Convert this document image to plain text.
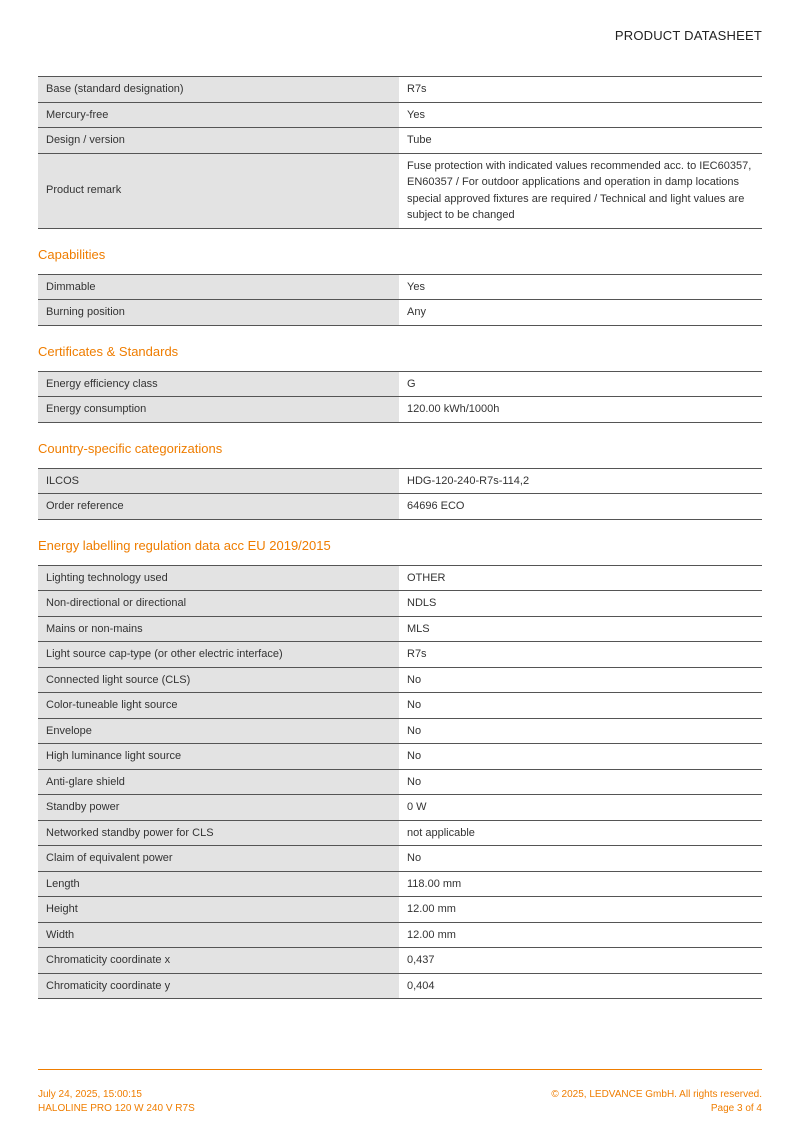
PRODUCT DATASHEET
Base (standard designation)	R7s
Mercury-free	Yes
Design / version	Tube
Product remark	Fuse protection with indicated values recommended acc. to IEC60357, EN60357 / For outdoor applications and operation in damp locations special approved fixtures are required / Technical and light values are subject to be changed
Capabilities
Dimmable	Yes
Burning position	Any
Certificates & Standards
Energy efficiency class	G
Energy consumption	120.00 kWh/1000h
Country-specific categorizations
ILCOS	HDG-120-240-R7s-114,2
Order reference	64696 ECO
Energy labelling regulation data acc EU 2019/2015
Lighting technology used	OTHER
Non-directional or directional	NDLS
Mains or non-mains	MLS
Light source cap-type (or other electric interface)	R7s
Connected light source (CLS)	No
Color-tuneable light source	No
Envelope	No
High luminance light source	No
Anti-glare shield	No
Standby power	0 W
Networked standby power for CLS	not applicable
Claim of equivalent power	No
Length	118.00 mm
Height	12.00 mm
Width	12.00 mm
Chromaticity coordinate x	0,437
Chromaticity coordinate y	0,404
July 24, 2025, 15:00:15
HALOLINE PRO 120 W 240 V R7S
© 2025, LEDVANCE GmbH. All rights reserved.
Page 3 of 4
